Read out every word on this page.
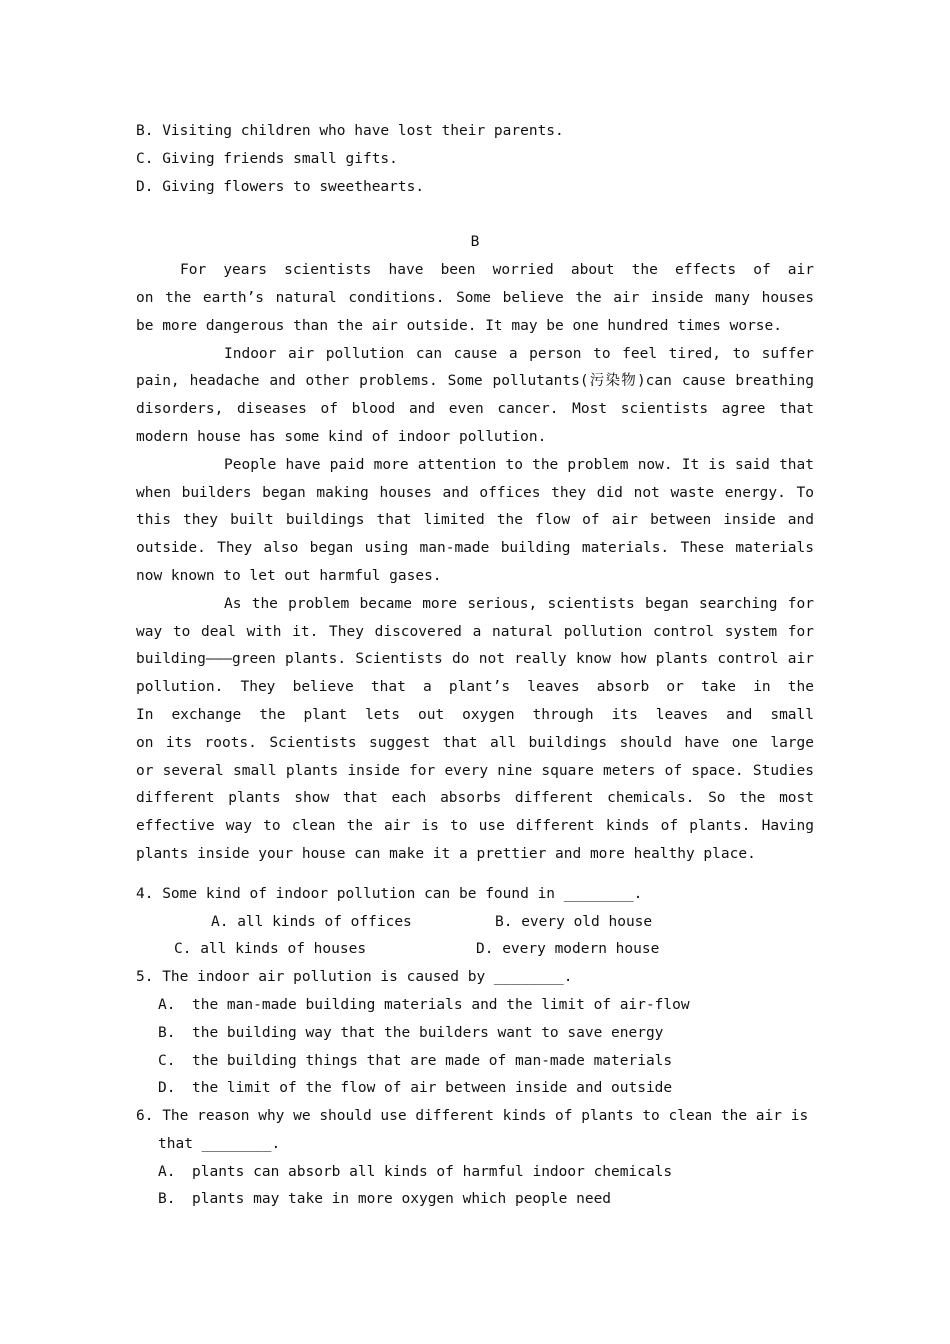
B. Visiting children who have lost their parents.
C. Giving friends small gifts.
D. Giving flowers to sweethearts.
B
For years scientists have been worried about the effects of air
on the earth’s natural conditions. Some believe the air inside many houses
be more dangerous than the air outside. It may be one hundred times worse.
Indoor air pollution can cause a person to feel tired, to suffer
pain, headache and other problems. Some pollutants(污染物)can cause breathing
disorders, diseases of blood and even cancer. Most scientists agree that
modern house has some kind of indoor pollution.
People have paid more attention to the problem now. It is said that
when builders began making houses and offices they did not waste energy. To
this they built buildings that limited the flow of air between inside and
outside. They also began using man-made building materials. These materials
now known to let out harmful gases.
As the problem became more serious, scientists began searching for
way to deal with it. They discovered a natural pollution control system for
building———green plants. Scientists do not really know how plants control air
pollution. They believe that a plant’s leaves absorb or take in the
In exchange the plant lets out oxygen through its leaves and small
on its roots. Scientists suggest that all buildings should have one large
or several small plants inside for every nine square meters of space. Studies
different plants show that each absorbs different chemicals. So the most
effective way to clean the air is to use different kinds of plants. Having
plants inside your house can make it a prettier and more healthy place.
4. Some kind of indoor pollution can be found in ________.
A. all kinds of offices	B. every old house
C. all kinds of houses	D. every modern house
5. The indoor air pollution is caused by ________.
A. the man-made building materials and the limit of air-flow
B. the building way that the builders want to save energy
C. the building things that are made of man-made materials
D. the limit of the flow of air between inside and outside
6. The reason why we should use different kinds of plants to clean the air is
that ________.
A. plants can absorb all kinds of harmful indoor chemicals
B. plants may take in more oxygen which people need
